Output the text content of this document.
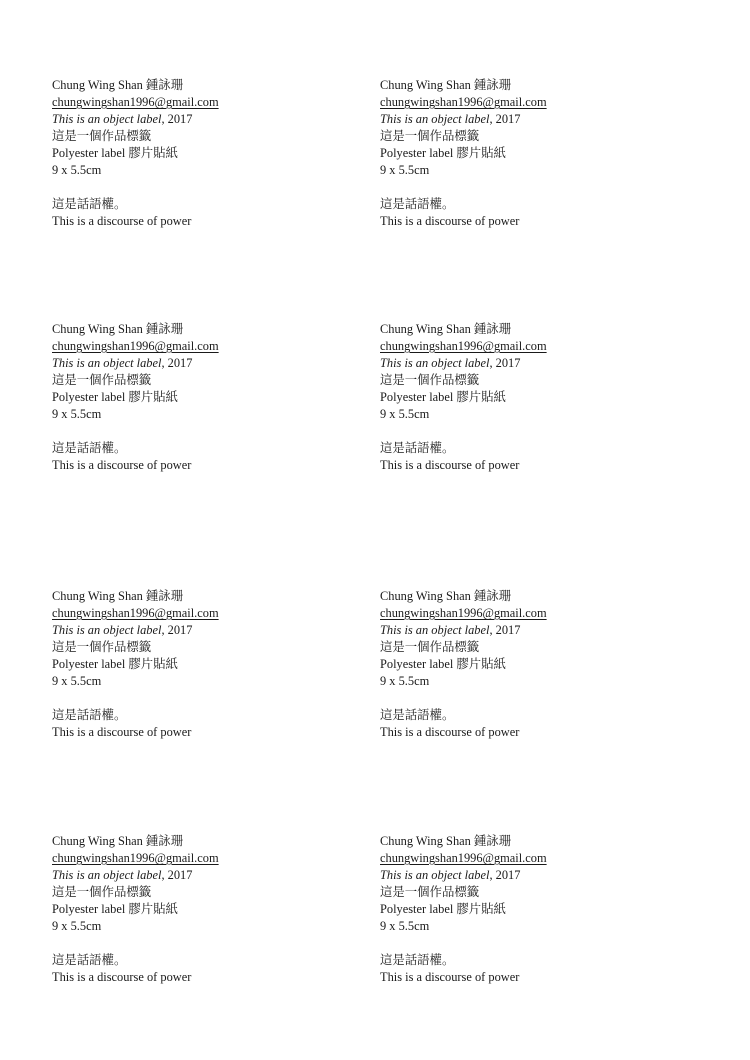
Chung Wing Shan 鍾詠珊
chungwingshan1996@gmail.com
This is an object label, 2017
這是一個作品標籤
Polyester label 膠片貼紙
9 x 5.5cm
這是話語權。
This is a discourse of power
Chung Wing Shan 鍾詠珊
chungwingshan1996@gmail.com
This is an object label, 2017
這是一個作品標籤
Polyester label 膠片貼紙
9 x 5.5cm
這是話語權。
This is a discourse of power
Chung Wing Shan 鍾詠珊
chungwingshan1996@gmail.com
This is an object label, 2017
這是一個作品標籤
Polyester label 膠片貼紙
9 x 5.5cm
這是話語權。
This is a discourse of power
Chung Wing Shan 鍾詠珊
chungwingshan1996@gmail.com
This is an object label, 2017
這是一個作品標籤
Polyester label 膠片貼紙
9 x 5.5cm
這是話語權。
This is a discourse of power
Chung Wing Shan 鍾詠珊
chungwingshan1996@gmail.com
This is an object label, 2017
這是一個作品標籤
Polyester label 膠片貼紙
9 x 5.5cm
這是話語權。
This is a discourse of power
Chung Wing Shan 鍾詠珊
chungwingshan1996@gmail.com
This is an object label, 2017
這是一個作品標籤
Polyester label 膠片貼紙
9 x 5.5cm
這是話語權。
This is a discourse of power
Chung Wing Shan 鍾詠珊
chungwingshan1996@gmail.com
This is an object label, 2017
這是一個作品標籤
Polyester label 膠片貼紙
9 x 5.5cm
這是話語權。
This is a discourse of power
Chung Wing Shan 鍾詠珊
chungwingshan1996@gmail.com
This is an object label, 2017
這是一個作品標籤
Polyester label 膠片貼紙
9 x 5.5cm
這是話語權。
This is a discourse of power
